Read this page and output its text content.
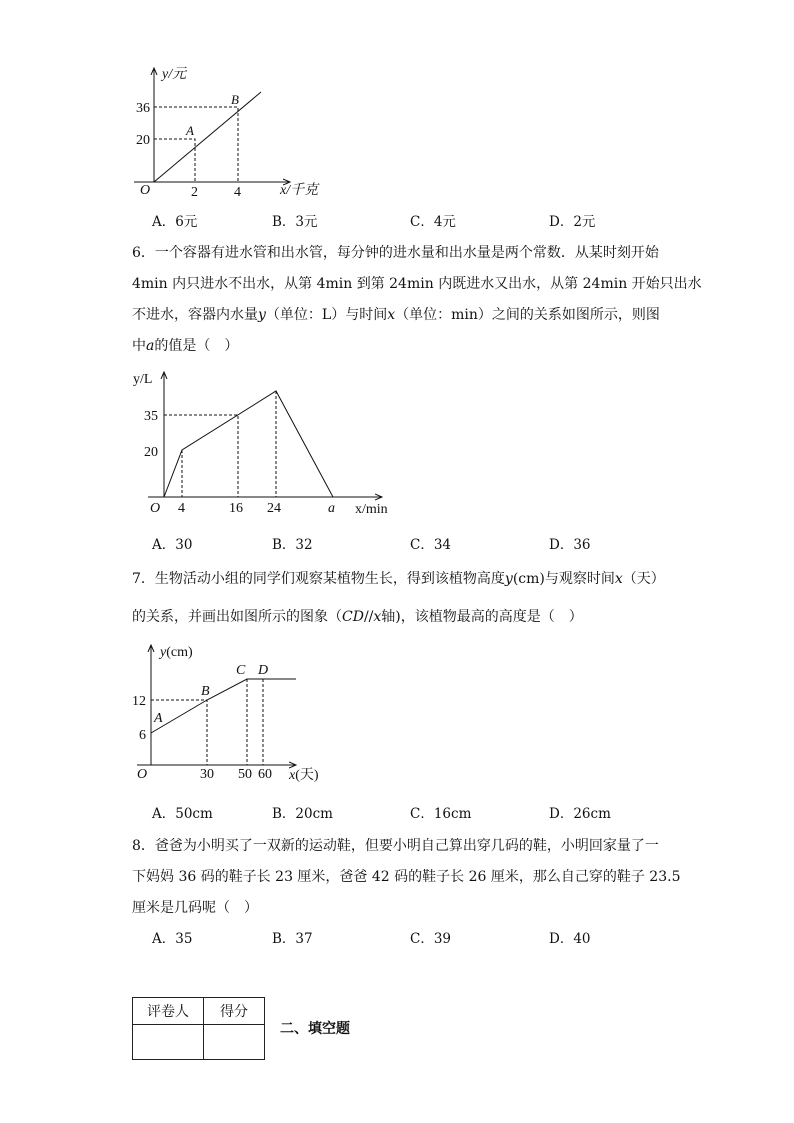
y/元
x/千克
O
36
20
2	4
A
B
A．6元	B．3元	C．4元	D．2元
6．一个容器有进水管和出水管，每分钟的进水量和出水量是两个常数．从某时刻开始
4min 内只进水不出水，从第 4min 到第 24min 内既进水又出水，从第 24min 开始只出水
不进水，容器内水量y（单位：L）与时间x（单位：min）之间的关系如图所示，则图
中a的值是（　）
y/L
x/min
O
35
20
4	16 24	a
A．30	B．32	C．34	D．36
7．生物活动小组的同学们观察某植物生长，得到该植物高度y(cm)与观察时间x（天）
的关系，并画出如图所示的图象（CD//x轴)，该植物最高的高度是（　）
y(cm)
x(天)
O
12
6
30 50 60
A
B
C D
A．50cm	B．20cm	C．16cm	D．26cm
8．爸爸为小明买了一双新的运动鞋，但要小明自己算出穿几码的鞋，小明回家量了一
下妈妈 36 码的鞋子长 23 厘米，爸爸 42 码的鞋子长 26 厘米，那么自己穿的鞋子 23.5
厘米是几码呢（　）
A．35	B．37	C．39	D．40
评卷人	得分

二、填空题
